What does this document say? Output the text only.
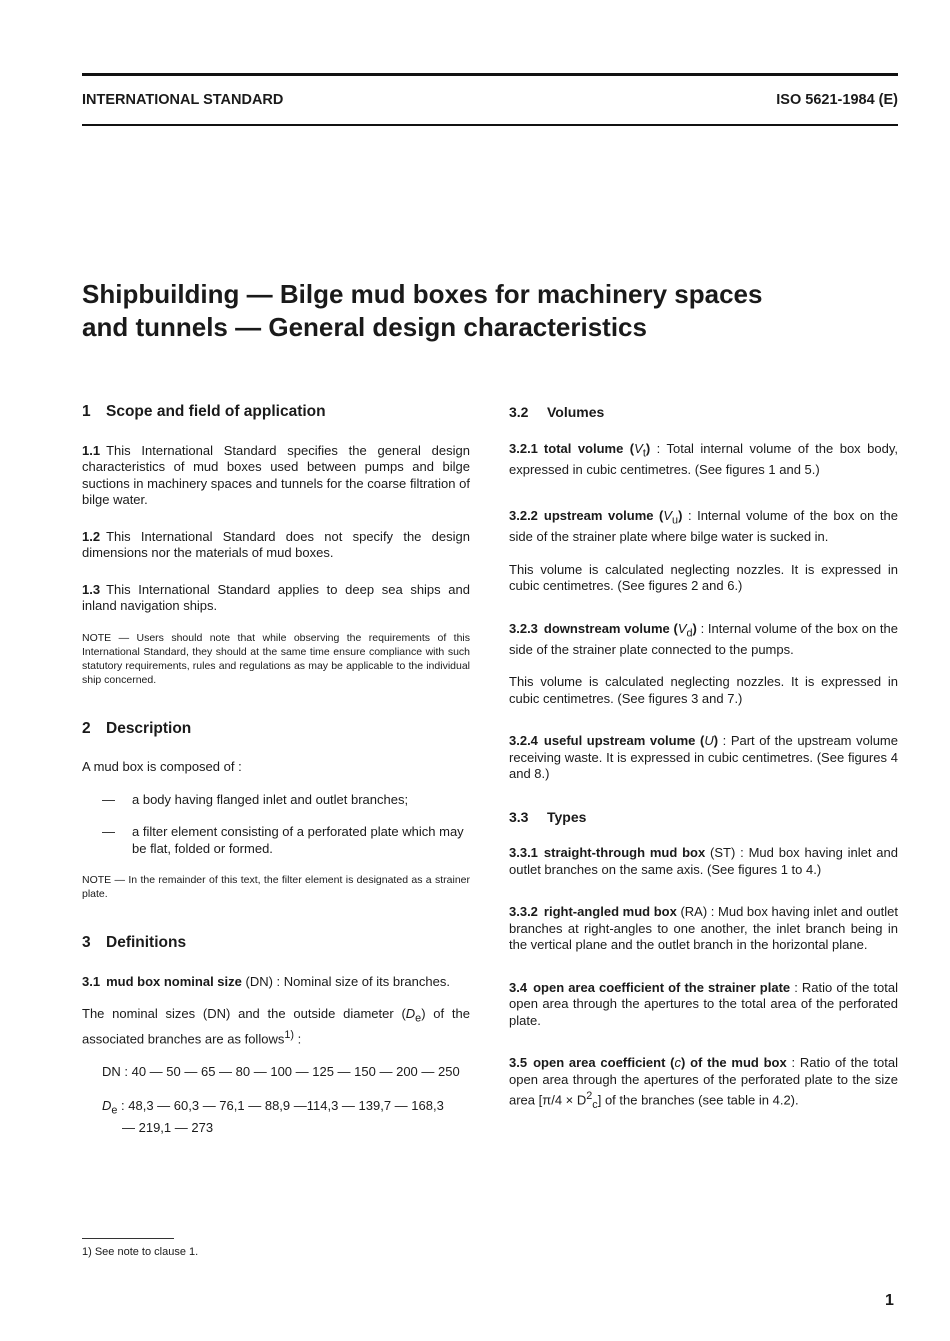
INTERNATIONAL STANDARD	ISO 5621-1984 (E)
Shipbuilding — Bilge mud boxes for machinery spaces
and tunnels — General design characteristics
1 Scope and field of application

1.1 This International Standard specifies the general design characteristics of mud boxes used between pumps and bilge suctions in machinery spaces and tunnels for the coarse filtration of bilge water.

1.2 This International Standard does not specify the design dimensions nor the materials of mud boxes.

1.3 This International Standard applies to deep sea ships and inland navigation ships.

NOTE — Users should note that while observing the requirements of this International Standard, they should at the same time ensure compliance with such statutory requirements, rules and regulations as may be applicable to the individual ship concerned.
2 Description

A mud box is composed of :

—	a body having flanged inlet and outlet branches;
—	a filter element consisting of a perforated plate which may be flat, folded or formed.
NOTE — In the remainder of this text, the filter element is designated as a strainer plate.
3 Definitions

3.1 mud box nominal size (DN) : Nominal size of its branches.

The nominal sizes (DN) and the outside diameter $(D_e)$ of the associated branches are as follows$^{1)}$ :

DN : 40 — 50 — 65 — 80 — 100 — 125 — 150 — 200 — 250
$D_e$ : 48,3 — 60,3 — 76,1 — 88,9 —114,3 — 139,7 — 168,3
— 219,1 — 273
3.2 Volumes

3.2.1 total volume $(V_t)$ : Total internal volume of the box body, expressed in cubic centimetres. (See figures 1 and 5.)

3.2.2 upstream volume $(V_u)$ : Internal volume of the box on the side of the strainer plate where bilge water is sucked in.

This volume is calculated neglecting nozzles. It is expressed in cubic centimetres. (See figures 2 and 6.)

3.2.3 downstream volume $(V_d)$ : Internal volume of the box on the side of the strainer plate connected to the pumps.

This volume is calculated neglecting nozzles. It is expressed in cubic centimetres. (See figures 3 and 7.)

3.2.4 useful upstream volume (U) : Part of the upstream volume receiving waste. It is expressed in cubic centimetres. (See figures 4 and 8.)

3.3 Types

3.3.1 straight-through mud box (ST) : Mud box having inlet and outlet branches on the same axis. (See figures 1 to 4.)

3.3.2 right-angled mud box (RA) : Mud box having inlet and outlet branches at right-angles to one another, the inlet branch being in the vertical plane and the outlet branch in the horizontal plane.

3.4 open area coefficient of the strainer plate : Ratio of the total open area through the apertures to the total area of the perforated plate.

3.5 open area coefficient (c) of the mud box : Ratio of the total open area through the apertures of the perforated plate to the size area $[\pi/4 \times D^2_c]$ of the branches (see table in 4.2).

1) See note to clause 1.
1
